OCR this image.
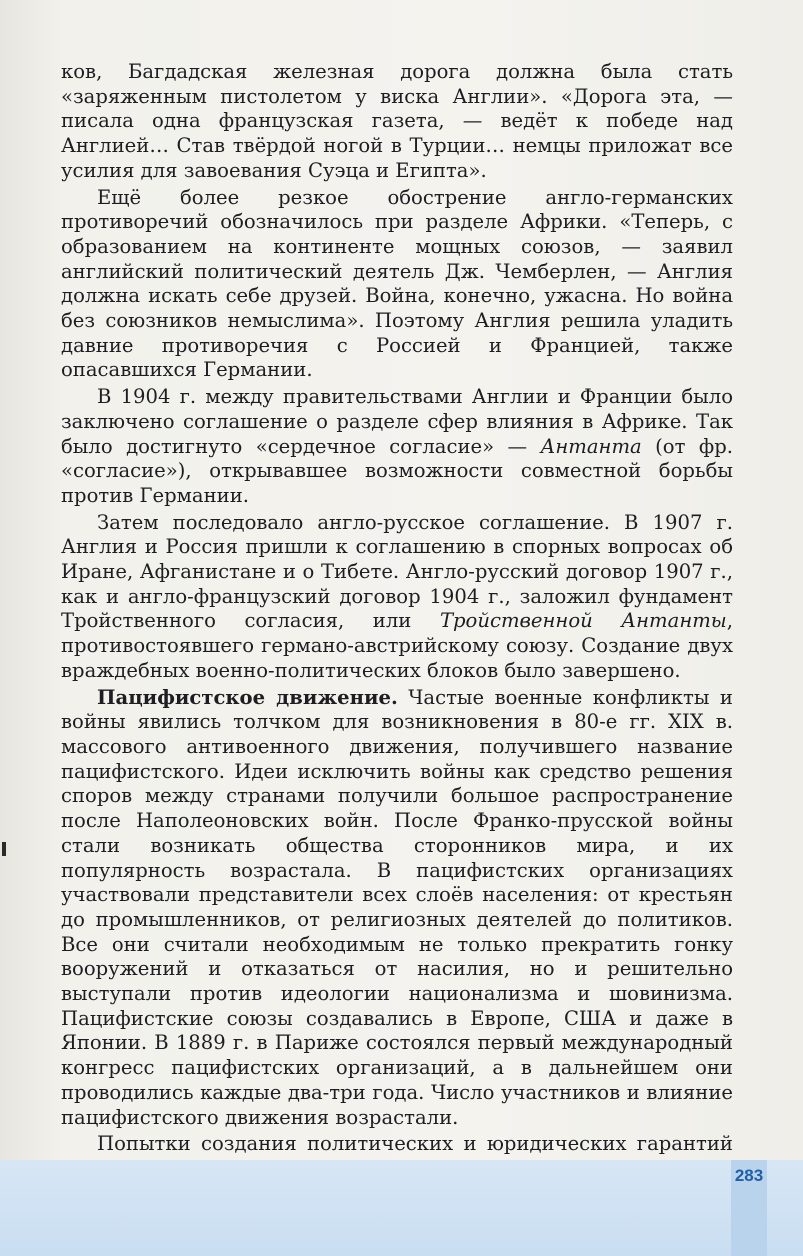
ков, Багдадская железная дорога должна была стать «заряженным пистолетом у виска Англии». «Дорога эта, — писала одна французская газета, — ведёт к победе над Англией… Став твёрдой ногой в Турции… немцы приложат все усилия для завоевания Суэца и Египта».

Ещё более резкое обострение англо-германских противоречий обозначилось при разделе Африки. «Теперь, с образованием на континенте мощных союзов, — заявил английский политический деятель Дж. Чемберлен, — Англия должна искать себе друзей. Война, конечно, ужасна. Но война без союзников немыслима». Поэтому Англия решила уладить давние противоречия с Россией и Францией, также опасавшихся Германии.

В 1904 г. между правительствами Англии и Франции было заключено соглашение о разделе сфер влияния в Африке. Так было достигнуто «сердечное согласие» — Антанта (от фр. «согласие»), открывавшее возможности совместной борьбы против Германии.

Затем последовало англо-русское соглашение. В 1907 г. Англия и Россия пришли к соглашению в спорных вопросах об Иране, Афганистане и о Тибете. Англо-русский договор 1907 г., как и англо-французский договор 1904 г., заложил фундамент Тройственного согласия, или Тройственной Антанты, противостоявшего германо-австрийскому союзу. Создание двух враждебных военно-политических блоков было завершено.

Пацифистское движение. Частые военные конфликты и войны явились толчком для возникновения в 80-е гг. XIX в. массового антивоенного движения, получившего название пацифистского. Идеи исключить войны как средство решения споров между странами получили большое распространение после Наполеоновских войн. После Франко-прусской войны стали возникать общества сторонников мира, и их популярность возрастала. В пацифистских организациях участвовали представители всех слоёв населения: от крестьян до промышленников, от религиозных деятелей до политиков. Все они считали необходимым не только прекратить гонку вооружений и отказаться от насилия, но и решительно выступали против идеологии национализма и шовинизма. Пацифистские союзы создавались в Европе, США и даже в Японии. В 1889 г. в Париже состоялся первый международный конгресс пацифистских организаций, а в дальнейшем они проводились каждые два-три года. Число участников и влияние пацифистского движения возрастали.

Попытки создания политических и юридических гарантий

283
